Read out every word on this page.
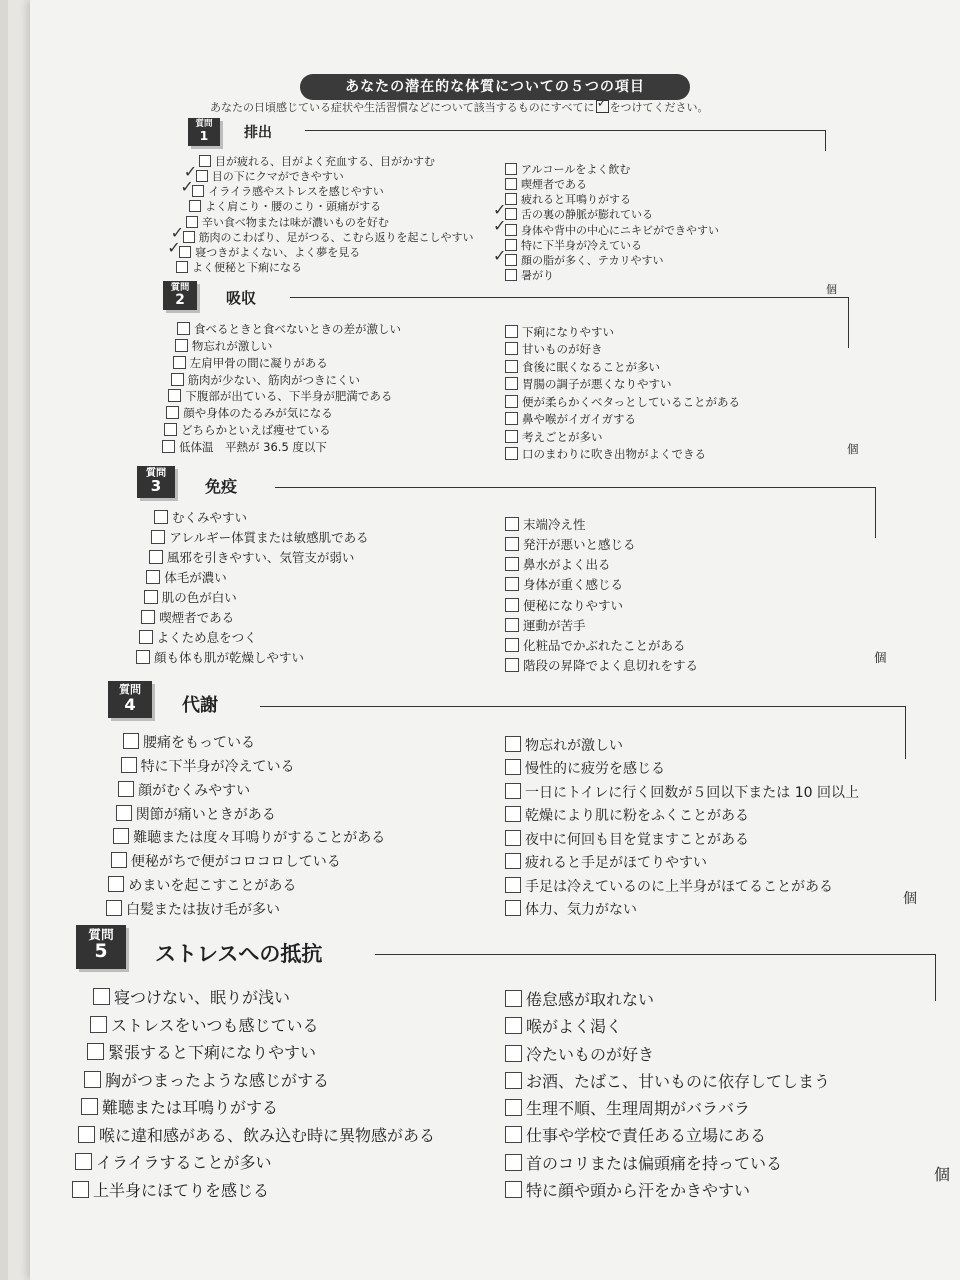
あなたの潜在的な体質についての５つの項目
あなたの日頃感じている症状や生活習慣などについて該当するものにすべてに✓ をつけてください。
質問
1	排出
目が疲れる、目がよく充血する、目がかすむ
目の下にクマができやすい
✓
イライラ感やストレスを感じやすい
✓
よく肩こり・腰のこり・頭痛がする
辛い食べ物または味が濃いものを好む
筋肉のこわばり、足がつる、こむら返りを起こしやすい
✓
寝つきがよくない、よく夢を見る
✓
よく便秘と下痢になる
アルコールをよく飲む
喫煙者である
疲れると耳鳴りがする
舌の裏の静脈が膨れている
✓
身体や背中の中心にニキビができやすい
✓
特に下半身が冷えている
顔の脂が多く、テカリやすい
✓
暑がり
個
質問
2	吸収
食べるときと食べないときの差が激しい
物忘れが激しい
左肩甲骨の間に凝りがある
筋肉が少ない、筋肉がつきにくい
下腹部が出ている、下半身が肥満である
顔や身体のたるみが気になる
どちらかといえば痩せている
低体温　平熱が 36.5 度以下
下痢になりやすい
甘いものが好き
食後に眠くなることが多い
胃腸の調子が悪くなりやすい
便が柔らかくベタっとしていることがある
鼻や喉がイガイガする
考えごとが多い
口のまわりに吹き出物がよくできる	個
質問
3	免疫
むくみやすい
アレルギー体質または敏感肌である
風邪を引きやすい、気管支が弱い
体毛が濃い
肌の色が白い
喫煙者である
よくため息をつく
顔も体も肌が乾燥しやすい
末端冷え性
発汗が悪いと感じる
鼻水がよく出る
身体が重く感じる
便秘になりやすい
運動が苦手
化粧品でかぶれたことがある
階段の昇降でよく息切れをする
個
質問
4	代謝
腰痛をもっている
特に下半身が冷えている
顔がむくみやすい
関節が痛いときがある
難聴または度々耳鳴りがすることがある
便秘がちで便がコロコロしている
めまいを起こすことがある
白髪または抜け毛が多い
物忘れが激しい
慢性的に疲労を感じる
一日にトイレに行く回数が５回以下または 10 回以上
乾燥により肌に粉をふくことがある
夜中に何回も目を覚ますことがある
疲れると手足がほてりやすい
手足は冷えているのに上半身がほてることがある
体力、気力がない
個
質問
5	ストレスへの抵抗
寝つけない、眠りが浅い
ストレスをいつも感じている
緊張すると下痢になりやすい
胸がつまったような感じがする
難聴または耳鳴りがする
喉に違和感がある、飲み込む時に異物感がある
イライラすることが多い
上半身にほてりを感じる
倦怠感が取れない
喉がよく渇く
冷たいものが好き
お酒、たばこ、甘いものに依存してしまう
生理不順、生理周期がバラバラ
仕事や学校で責任ある立場にある
首のコリまたは偏頭痛を持っている
特に顔や頭から汗をかきやすい
個
